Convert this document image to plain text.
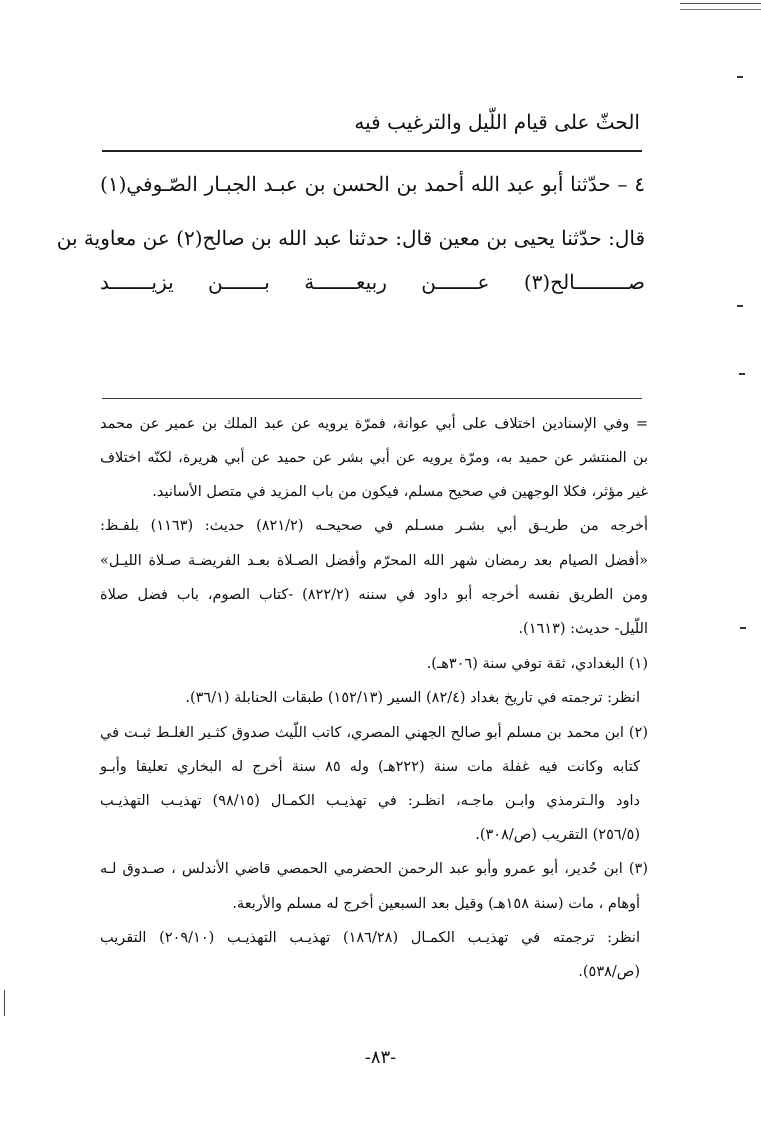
الحثّ على قيام اللّيل والترغيب فيه
٤ – حدّثنا أبو عبد الله أحمد بن الحسن بن عبـد الجبـار الصّـوفي(١)
قال: حدّثنا يحيى بن معين قال: حدثنا عبد الله بن صالح(٢) عن معاوية بن
صـــــــــالح(٣) عـــــــن ربيعـــــــة بـــــــن يزيـــــــد
= وفي الإسنادين اختلاف على أبي عوانة، فمرّة يرويه عن عبد الملك بن عمير عن محمد
بن المنتشر عن حميد به، ومرّة يرويه عن أبي بشر عن حميد عن أبي هريرة، لكنّه اختلاف
غير مؤثر، فكلا الوجهين في صحيح مسلم، فيكون من باب المزيد في متصل الأسانيد.
أخرجه من طريـق أبي بشـر مسـلم في صحيحـه (٨٢١/٢) حديث: (١١٦٣) بلفـظ:
«أفضل الصيام بعد رمضان شهر الله المحرّم وأفضل الصـلاة بعـد الفريضـة صـلاة الليـل»
ومن الطريق نفسه أخرجه أبو داود في سننه (٨٢٢/٢) -كتاب الصوم، باب فضل صلاة
اللّيل- حديث: (١٦١٣).
(١) البغدادي، ثقة توفي سنة (٣٠٦هـ).
انظر: ترجمته في تاريخ بغداد (٨٢/٤) السير (١٥٢/١٣) طبقات الحنابلة (٣٦/١).
(٢) ابن محمد بن مسلم أبو صالح الجهني المصري، كاتب اللّيث صدوق كثـير الغلـط ثبـت في
كتابه وكانت فيه غفلة مات سنة (٢٢٢هـ) وله ٨٥ سنة أخرج له البخاري تعليقا وأبـو
داود والـترمذي وابـن ماجـه، انظـر: في تهذيـب الكمـال (٩٨/١٥) تهذيـب التهذيـب
(٢٥٦/٥) التقريب (ص/٣٠٨).
(٣) ابن حُدير، أبو عمرو وأبو عبد الرحمن الحضرمي الحمصي قاضي الأندلس ، صـدوق لـه
أوهام ، مات (سنة ١٥٨هـ) وقيل بعد السبعين أخرج له مسلم والأربعة.
انظر: ترجمته في تهذيـب الكمـال (١٨٦/٢٨) تهذيـب التهذيـب (٢٠٩/١٠) التقريب
(ص/٥٣٨).
-٨٣-
